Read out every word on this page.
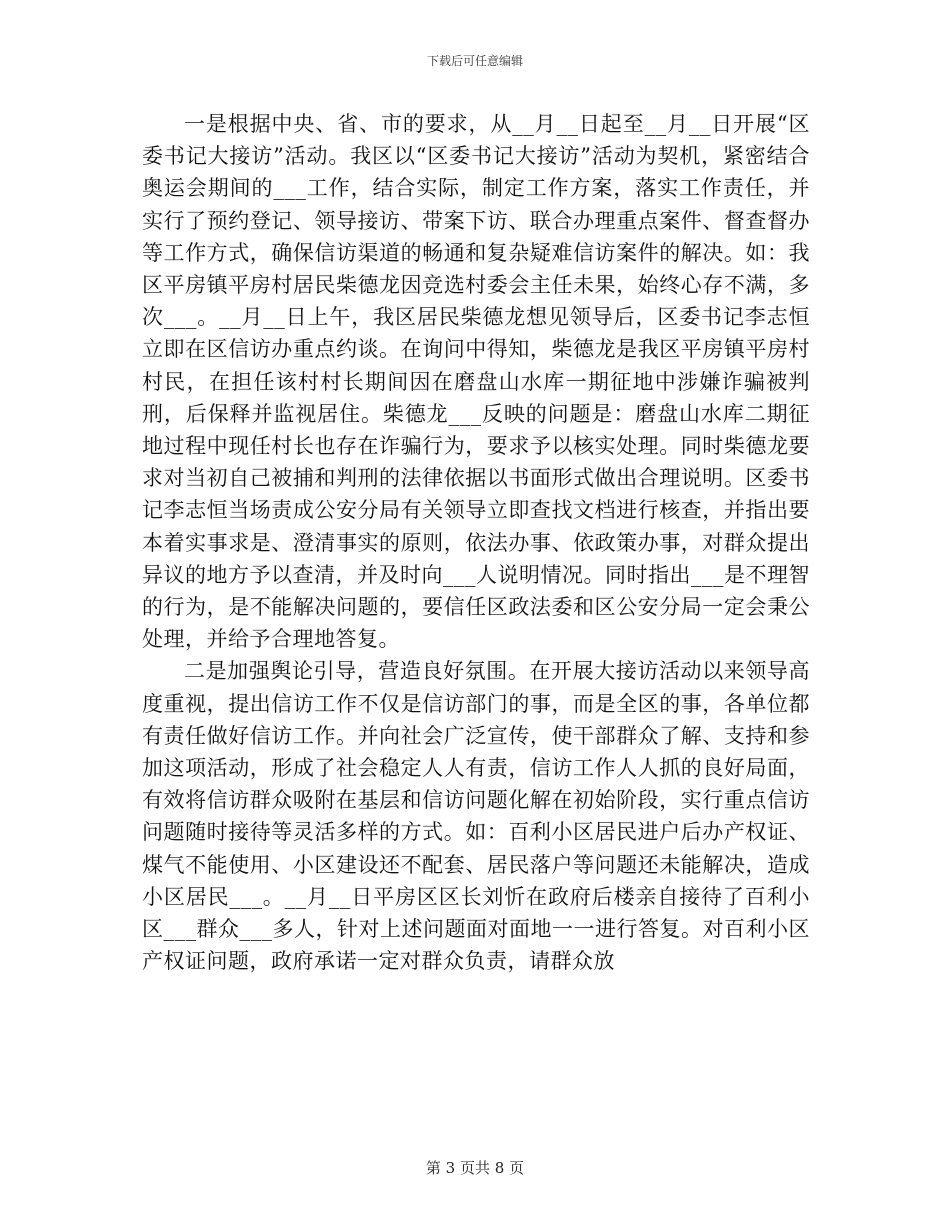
下载后可任意编辑

一是根据中央、省、市的要求，从__月__日起至__月__日开展“区委书记大接访”活动。我区以“区委书记大接访”活动为契机，紧密结合奥运会期间的___工作，结合实际，制定工作方案，落实工作责任，并实行了预约登记、领导接访、带案下访、联合办理重点案件、督查督办等工作方式，确保信访渠道的畅通和复杂疑难信访案件的解决。如：我区平房镇平房村居民柴德龙因竞选村委会主任未果，始终心存不满，多次___。__月__日上午，我区居民柴德龙想见领导后，区委书记李志恒立即在区信访办重点约谈。在询问中得知，柴德龙是我区平房镇平房村村民，在担任该村村长期间因在磨盘山水库一期征地中涉嫌诈骗被判刑，后保释并监视居住。柴德龙___反映的问题是：磨盘山水库二期征地过程中现任村长也存在诈骗行为，要求予以核实处理。同时柴德龙要求对当初自己被捕和判刑的法律依据以书面形式做出合理说明。区委书记李志恒当场责成公安分局有关领导立即查找文档进行核查，并指出要本着实事求是、澄清事实的原则，依法办事、依政策办事，对群众提出异议的地方予以查清，并及时向___人说明情况。同时指出___是不理智的行为，是不能解决问题的，要信任区政法委和区公安分局一定会秉公处理，并给予合理地答复。

二是加强舆论引导，营造良好氛围。在开展大接访活动以来领导高度重视，提出信访工作不仅是信访部门的事，而是全区的事，各单位都有责任做好信访工作。并向社会广泛宣传，使干部群众了解、支持和参加这项活动，形成了社会稳定人人有责，信访工作人人抓的良好局面，有效将信访群众吸附在基层和信访问题化解在初始阶段，实行重点信访问题随时接待等灵活多样的方式。如：百利小区居民进户后办产权证、煤气不能使用、小区建设还不配套、居民落户等问题还未能解决，造成小区居民___。__月__日平房区区长刘忻在政府后楼亲自接待了百利小区___群众___多人，针对上述问题面对面地一一进行答复。对百利小区产权证问题，政府承诺一定对群众负责，请群众放

第 3 页共 8 页
